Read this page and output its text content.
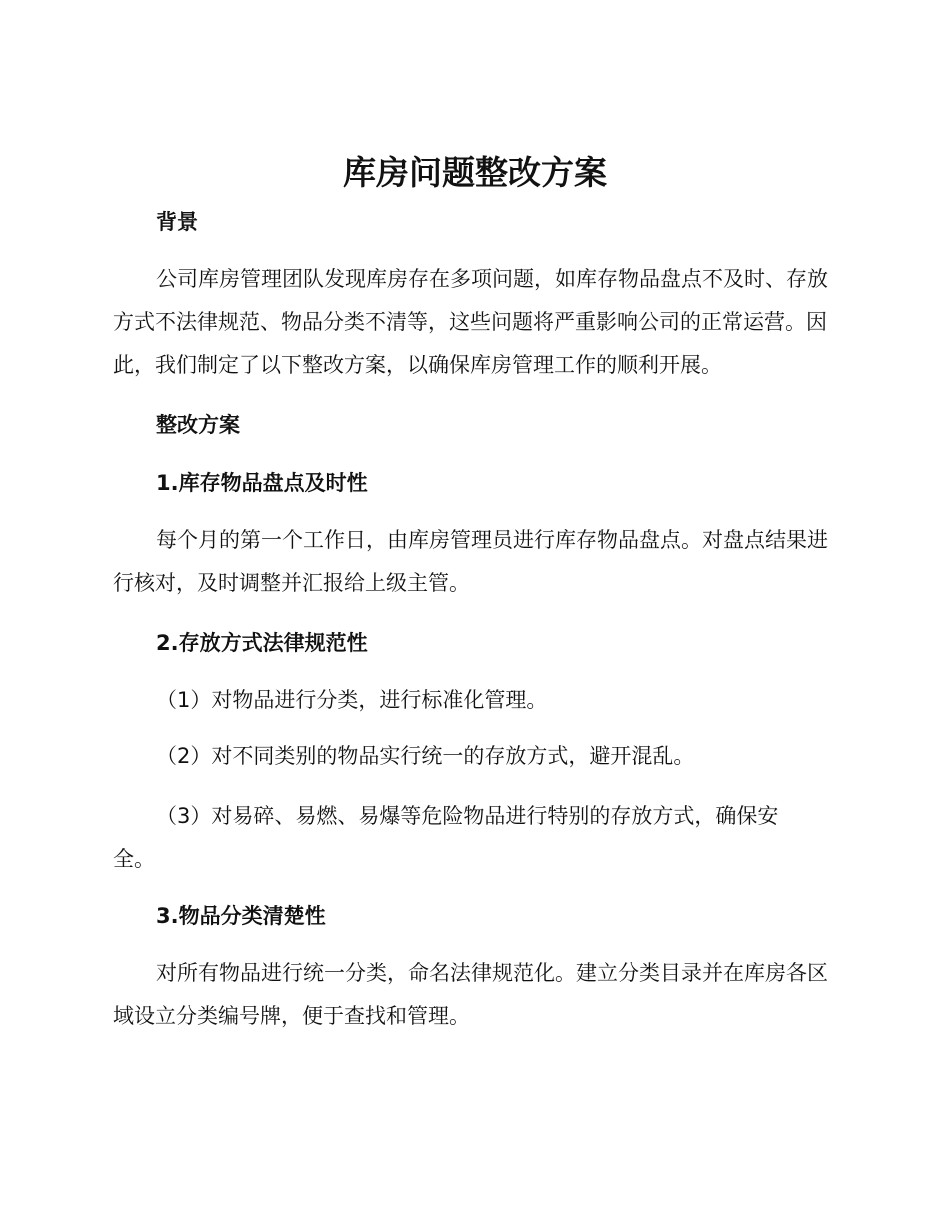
库房问题整改方案
背景
公司库房管理团队发现库房存在多项问题，如库存物品盘点不及时、存放方式不法律规范、物品分类不清等，这些问题将严重影响公司的正常运营。因此，我们制定了以下整改方案，以确保库房管理工作的顺利开展。
整改方案
1.库存物品盘点及时性
每个月的第一个工作日，由库房管理员进行库存物品盘点。对盘点结果进行核对，及时调整并汇报给上级主管。
2.存放方式法律规范性
（1）对物品进行分类，进行标准化管理。
（2）对不同类别的物品实行统一的存放方式，避开混乱。
（3）对易碎、易燃、易爆等危险物品进行特别的存放方式，确保安全。
3.物品分类清楚性
对所有物品进行统一分类，命名法律规范化。建立分类目录并在库房各区域设立分类编号牌，便于查找和管理。
